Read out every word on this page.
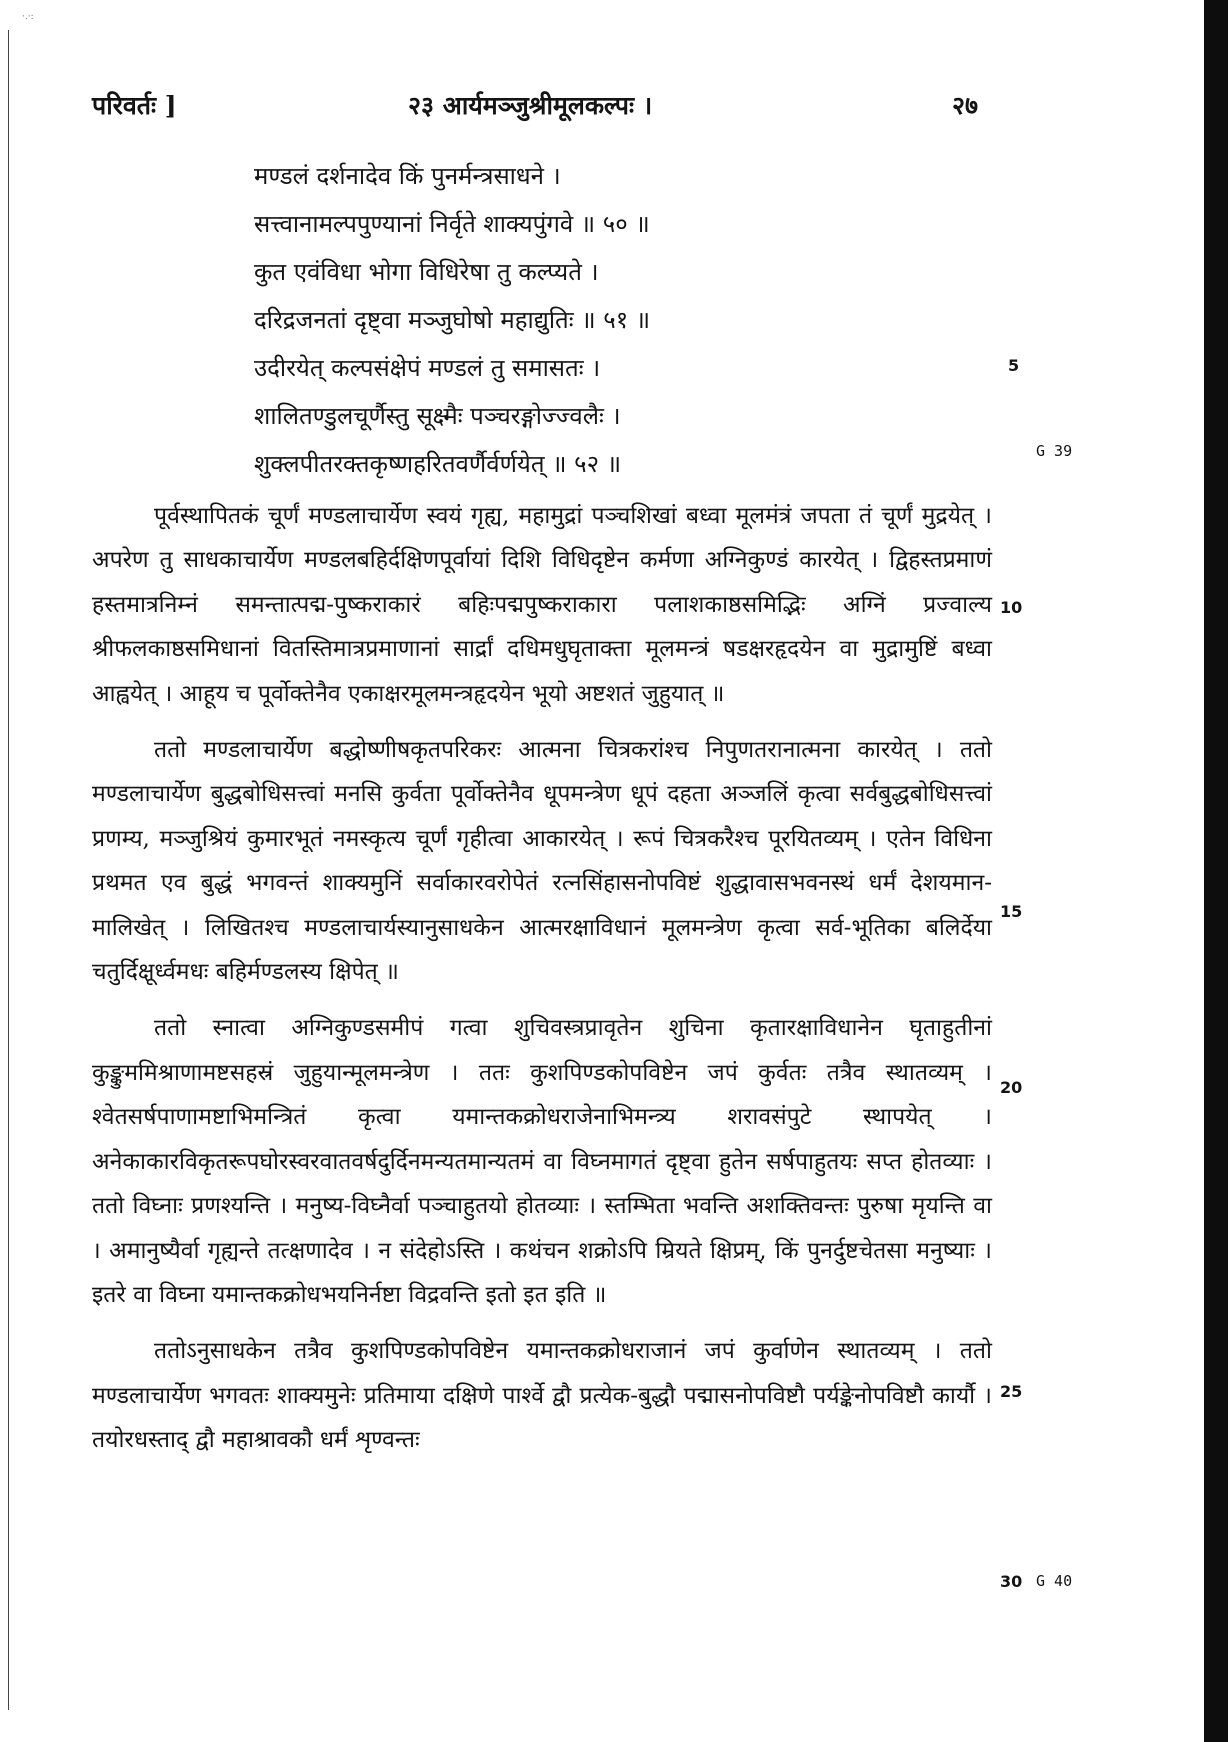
·.·:
परिवर्तः ]	२३ आर्यमञ्जुश्रीमूलकल्पः ।	२७
मण्डलं दर्शनादेव किं पुनर्मन्त्रसाधने ।
सत्त्वानामल्पपुण्यानां निर्वृते शाक्यपुंगवे ॥ ५० ॥
कुत एवंविधा भोगा विधिरेषा तु कल्प्यते ।
दरिद्रजनतां दृष्ट्वा मञ्जुघोषो महाद्युतिः ॥ ५१ ॥
उदीरयेत् कल्पसंक्षेपं मण्डलं तु समासतः ।
शालितण्डुलचूर्णैस्तु सूक्ष्मैः पञ्चरङ्गोज्ज्वलैः ।
शुक्लपीतरक्तकृष्णहरितवर्णैर्वर्णयेत् ॥ ५२ ॥

पूर्वस्थापितकं चूर्णं मण्डलाचार्येण स्वयं गृह्य, महामुद्रां पञ्चशिखां बध्वा मूलमंत्रं जपता तं चूर्णं मुद्रयेत् । अपरेण तु साधकाचार्येण मण्डलबहिर्दक्षिणपूर्वायां दिशि विधिदृष्टेन कर्मणा अग्निकुण्डं कारयेत् । द्विहस्तप्रमाणं हस्तमात्रनिम्नं समन्तात्पद्म-पुष्कराकारं बहिःपद्मपुष्कराकारा पलाशकाष्ठसमिद्भिः अग्निं प्रज्वाल्य श्रीफलकाष्ठसमिधानां वितस्तिमात्रप्रमाणानां सार्द्रां दधिमधुघृताक्ता मूलमन्त्रं षडक्षरहृदयेन वा मुद्रामुष्टिं बध्वा आह्वयेत् । आहूय च पूर्वोक्तेनैव एकाक्षरमूलमन्त्रहृदयेन भूयो अष्टशतं जुहुयात् ॥

ततो मण्डलाचार्येण बद्धोष्णीषकृतपरिकरः आत्मना चित्रकरांश्च निपुणतरानात्मना कारयेत् । ततो मण्डलाचार्येण बुद्धबोधिसत्त्वां मनसि कुर्वता पूर्वोक्तेनैव धूपमन्त्रेण धूपं दहता अञ्जलिं कृत्वा सर्वबुद्धबोधिसत्त्वां प्रणम्य, मञ्जुश्रियं कुमारभूतं नमस्कृत्य चूर्णं गृहीत्वा आकारयेत् । रूपं चित्रकरैश्च पूरयितव्यम् । एतेन विधिना प्रथमत एव बुद्धं भगवन्तं शाक्यमुनिं सर्वाकारवरोपेतं रत्नसिंहासनोपविष्टं शुद्धावासभवनस्थं धर्मं देशयमान-मालिखेत् । लिखितश्च मण्डलाचार्यस्यानुसाधकेन आत्मरक्षाविधानं मूलमन्त्रेण कृत्वा सर्व-भूतिका बलिर्देया चतुर्दिक्षूर्ध्वमधः बहिर्मण्डलस्य क्षिपेत् ॥

ततो स्नात्वा अग्निकुण्डसमीपं गत्वा शुचिवस्त्रप्रावृतेन शुचिना कृतारक्षाविधानेन घृताहुतीनां कुङ्कुममिश्राणामष्टसहस्रं जुहुयान्मूलमन्त्रेण । ततः कुशपिण्डकोपविष्टेन जपं कुर्वतः तत्रैव स्थातव्यम् । श्वेतसर्षपाणामष्टाभिमन्त्रितं कृत्वा यमान्तकक्रोधराजेनाभिमन्त्र्य शरावसंपुटे स्थापयेत् । अनेकाकारविकृतरूपघोरस्वरवातवर्षदुर्दिनमन्यतमान्यतमं वा विघ्नमागतं दृष्ट्वा हुतेन सर्षपाहुतयः सप्त होतव्याः । ततो विघ्नाः प्रणश्यन्ति । मनुष्य-विघ्नैर्वा पञ्चाहुतयो होतव्याः । स्तम्भिता भवन्ति अशक्तिवन्तः पुरुषा मृयन्ति वा । अमानुष्यैर्वा गृह्यन्ते तत्क्षणादेव । न संदेहोऽस्ति । कथंचन शक्रोऽपि म्रियते क्षिप्रम्, किं पुनर्दुष्टचेतसा मनुष्याः । इतरे वा विघ्ना यमान्तकक्रोधभयनिर्नष्टा विद्रवन्ति इतो इत इति ॥

ततोऽनुसाधकेन तत्रैव कुशपिण्डकोपविष्टेन यमान्तकक्रोधराजानं जपं कुर्वाणेन स्थातव्यम् । ततो मण्डलाचार्येण भगवतः शाक्यमुनेः प्रतिमाया दक्षिणे पार्श्वे द्वौ प्रत्येक-बुद्धौ पद्मासनोपविष्टौ पर्यङ्केनोपविष्टौ कार्यौ । तयोरधस्ताद् द्वौ महाश्रावकौ धर्मं शृण्वन्तः

5
10
15
20
25
30
G 39
G 40
